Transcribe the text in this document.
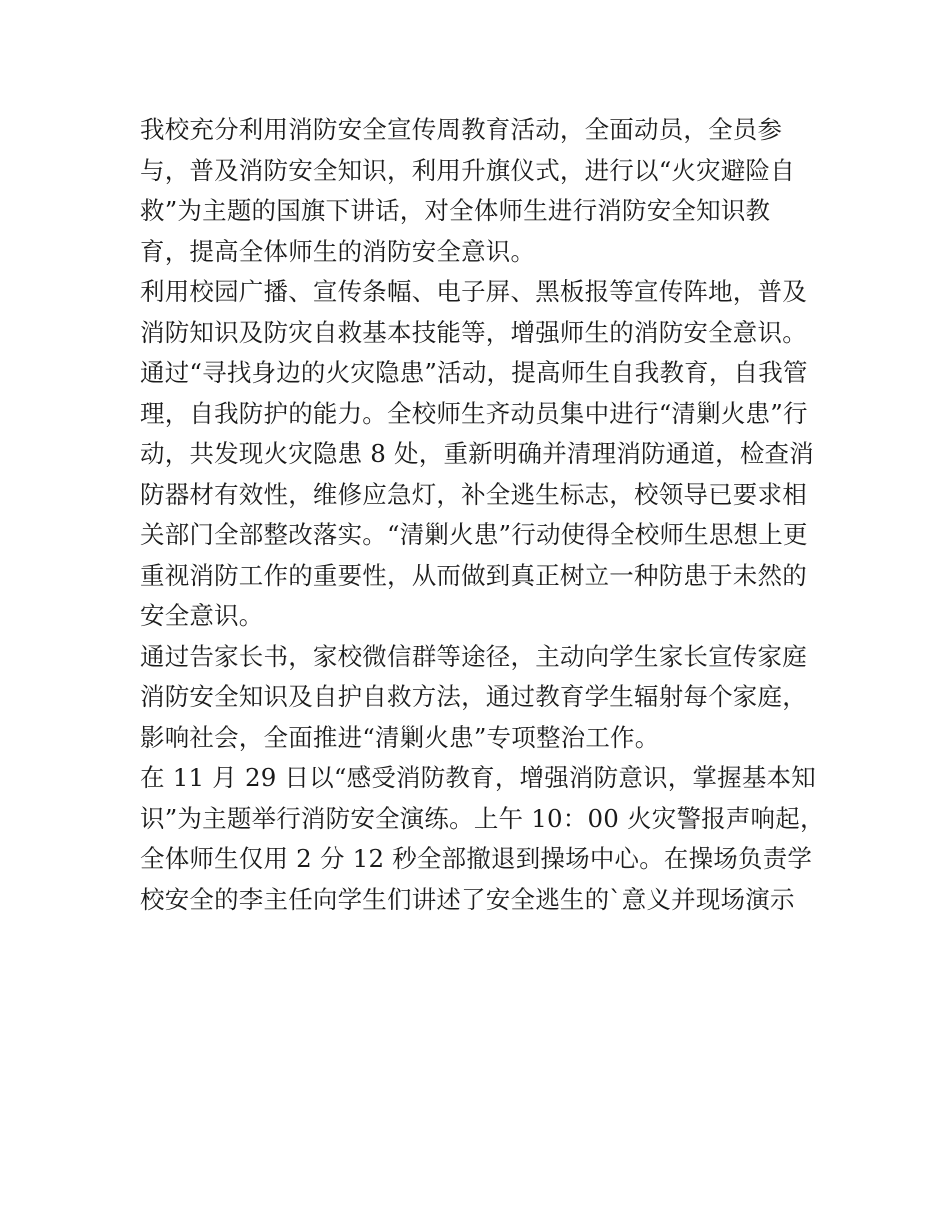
我校充分利用消防安全宣传周教育活动，全面动员，全员参
与，普及消防安全知识，利用升旗仪式，进行以“火灾避险自
救”为主题的国旗下讲话，对全体师生进行消防安全知识教
育，提高全体师生的消防安全意识。
利用校园广播、宣传条幅、电子屏、黑板报等宣传阵地，普及
消防知识及防灾自救基本技能等，增强师生的消防安全意识。
通过“寻找身边的火灾隐患”活动，提高师生自我教育，自我管
理，自我防护的能力。全校师生齐动员集中进行“清剿火患”行
动，共发现火灾隐患 8 处，重新明确并清理消防通道，检查消
防器材有效性，维修应急灯，补全逃生标志，校领导已要求相
关部门全部整改落实。“清剿火患”行动使得全校师生思想上更
重视消防工作的重要性，从而做到真正树立一种防患于未然的
安全意识。
通过告家长书，家校微信群等途径，主动向学生家长宣传家庭
消防安全知识及自护自救方法，通过教育学生辐射每个家庭，
影响社会，全面推进“清剿火患”专项整治工作。
在 11 月 29 日以“感受消防教育，增强消防意识，掌握基本知
识”为主题举行消防安全演练。上午 10：00 火灾警报声响起，
全体师生仅用 2 分 12 秒全部撤退到操场中心。在操场负责学
校安全的李主任向学生们讲述了安全逃生的`意义并现场演示
